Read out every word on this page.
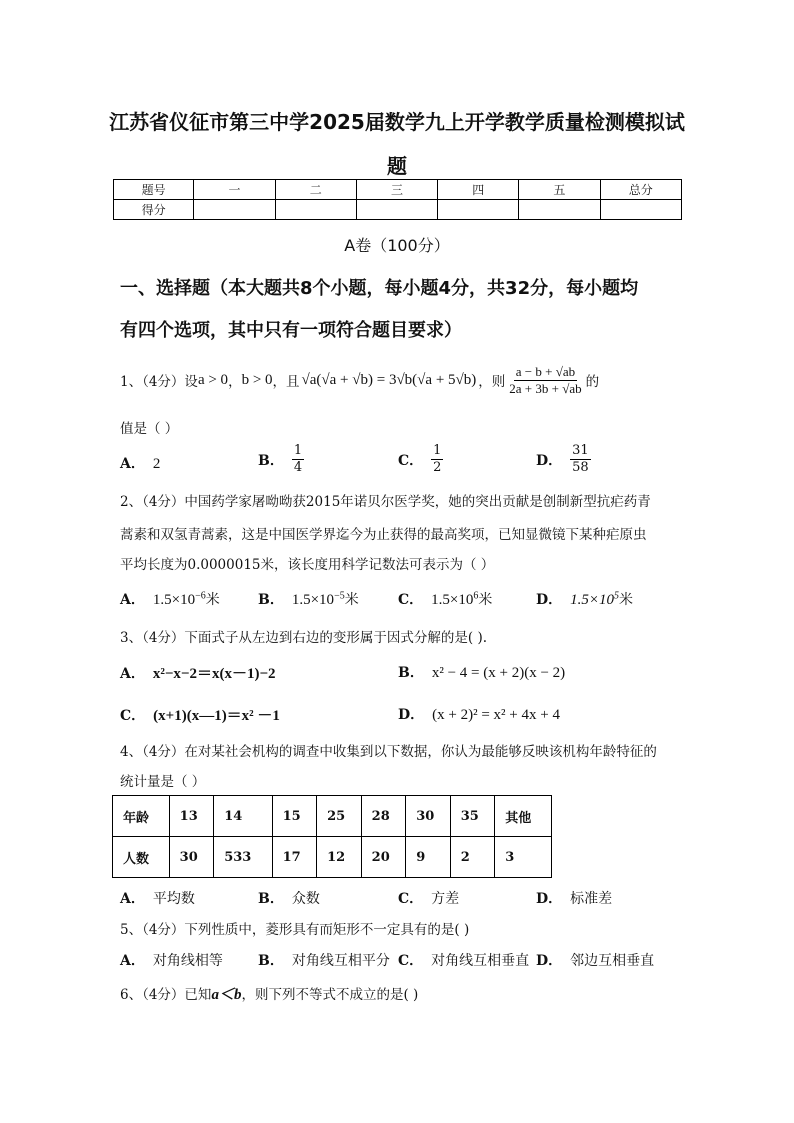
江苏省仪征市第三中学2025届数学九上开学教学质量检测模拟试
题
题号	一	二	三	四	五	总分
得分						
A卷（100分）
一、选择题（本大题共8个小题，每小题4分，共32分，每小题均
有四个选项，其中只有一项符合题目要求）
1、（4分）设 a > 0 ， b > 0 ，且 √a(√a + √b) = 3√b(√a + 5√b) ，则 $\frac{a - b + √ab}{2a + 3b + √ab}$ 的
值是（ ）
A． 2	B． $\frac{1}{4}$	C． $\frac{1}{2}$	D． $\frac{31}{58}$
2、（4分）中国药学家屠呦呦获2015年诺贝尔医学奖，她的突出贡献是创制新型抗疟药青
蒿素和双氢青蒿素，这是中国医学界迄今为止获得的最高奖项，已知显微镜下某种疟原虫
平均长度为0.0000015米，该长度用科学记数法可表示为（ ）
A． $1.5\times 10^{-6}$米	B． $1.5\times 10^{-5}$米	C． $1.5\times 10^6$米	D． $1.5\times 10^5$米
3、（4分）下面式子从左边到右边的变形属于因式分解的是( ).
A． x²−x−2＝x(x－1)−2	B． x² − 4 = (x + 2)(x − 2)
C． (x+1)(x—1)＝x² －1	D． (x + 2)² = x² + 4x + 4
4、（4分）在对某社会机构的调查中收集到以下数据，你认为最能够反映该机构年龄特征的
统计量是（ ）
年龄	13	14	15	25	28	30	35	其他
人数	30	533	17	12	20	9	2	3
A． 平均数	B． 众数	C． 方差	D． 标准差
5、（4分）下列性质中，菱形具有而矩形不一定具有的是( )
A． 对角线相等	B． 对角线互相平分 C． 对角线互相垂直 D． 邻边互相垂直
6、（4分）已知a＜b，则下列不等式不成立的是( )
